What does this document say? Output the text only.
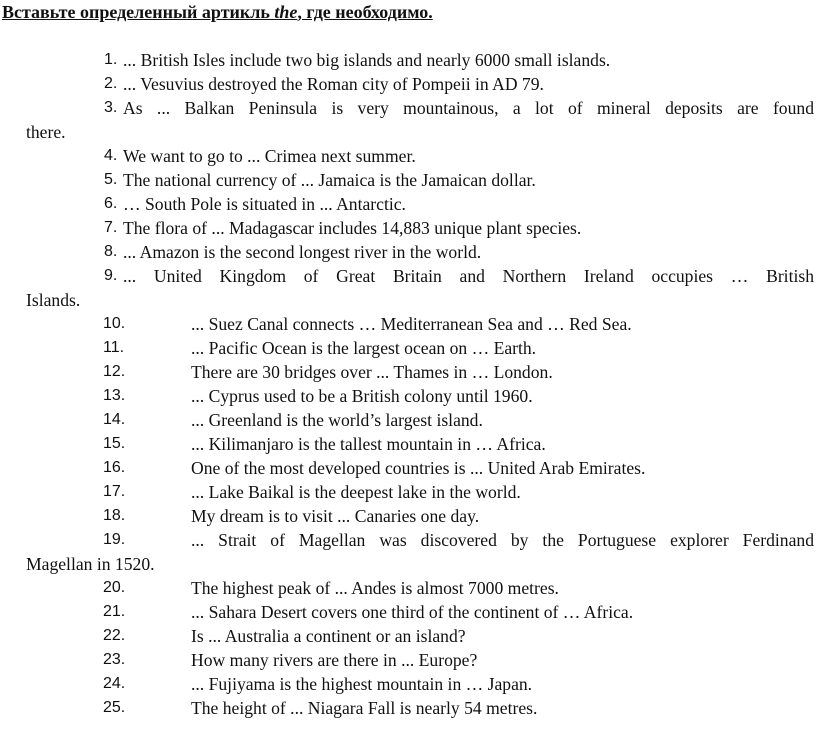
Вставьте определенный артикль the, где необходимо.
1. ... British Isles include two big islands and nearly 6000 small islands.
2. ... Vesuvius destroyed the Roman city of Pompeii in AD 79.
3. As ... Balkan Peninsula is very mountainous, a lot of mineral deposits are found
there.
4. We want to go to ... Crimea next summer.
5. The national currency of ... Jamaica is the Jamaican dollar.
6. … South Pole is situated in ... Antarctic.
7. The flora of ... Madagascar includes 14,883 unique plant species.
8. ... Amazon is the second longest river in the world.
9. ... United Kingdom of Great Britain and Northern Ireland occupies … British
Islands.
10.	... Suez Canal connects … Mediterranean Sea and … Red Sea.
11.	... Pacific Ocean is the largest ocean on … Earth.
12.	There are 30 bridges over ... Thames in … London.
13.	... Cyprus used to be a British colony until 1960.
14.	... Greenland is the world’s largest island.
15.	... Kilimanjaro is the tallest mountain in … Africa.
16.	One of the most developed countries is ... United Arab Emirates.
17.	... Lake Baikal is the deepest lake in the world.
18.	My dream is to visit ... Canaries one day.
19.	... Strait of Magellan was discovered by the Portuguese explorer Ferdinand
Magellan in 1520.
20.	The highest peak of ... Andes is almost 7000 metres.
21.	... Sahara Desert covers one third of the continent of … Africa.
22.	Is ... Australia a continent or an island?
23.	How many rivers are there in ... Europe?
24.	... Fujiyama is the highest mountain in … Japan.
25.	The height of ... Niagara Fall is nearly 54 metres.
